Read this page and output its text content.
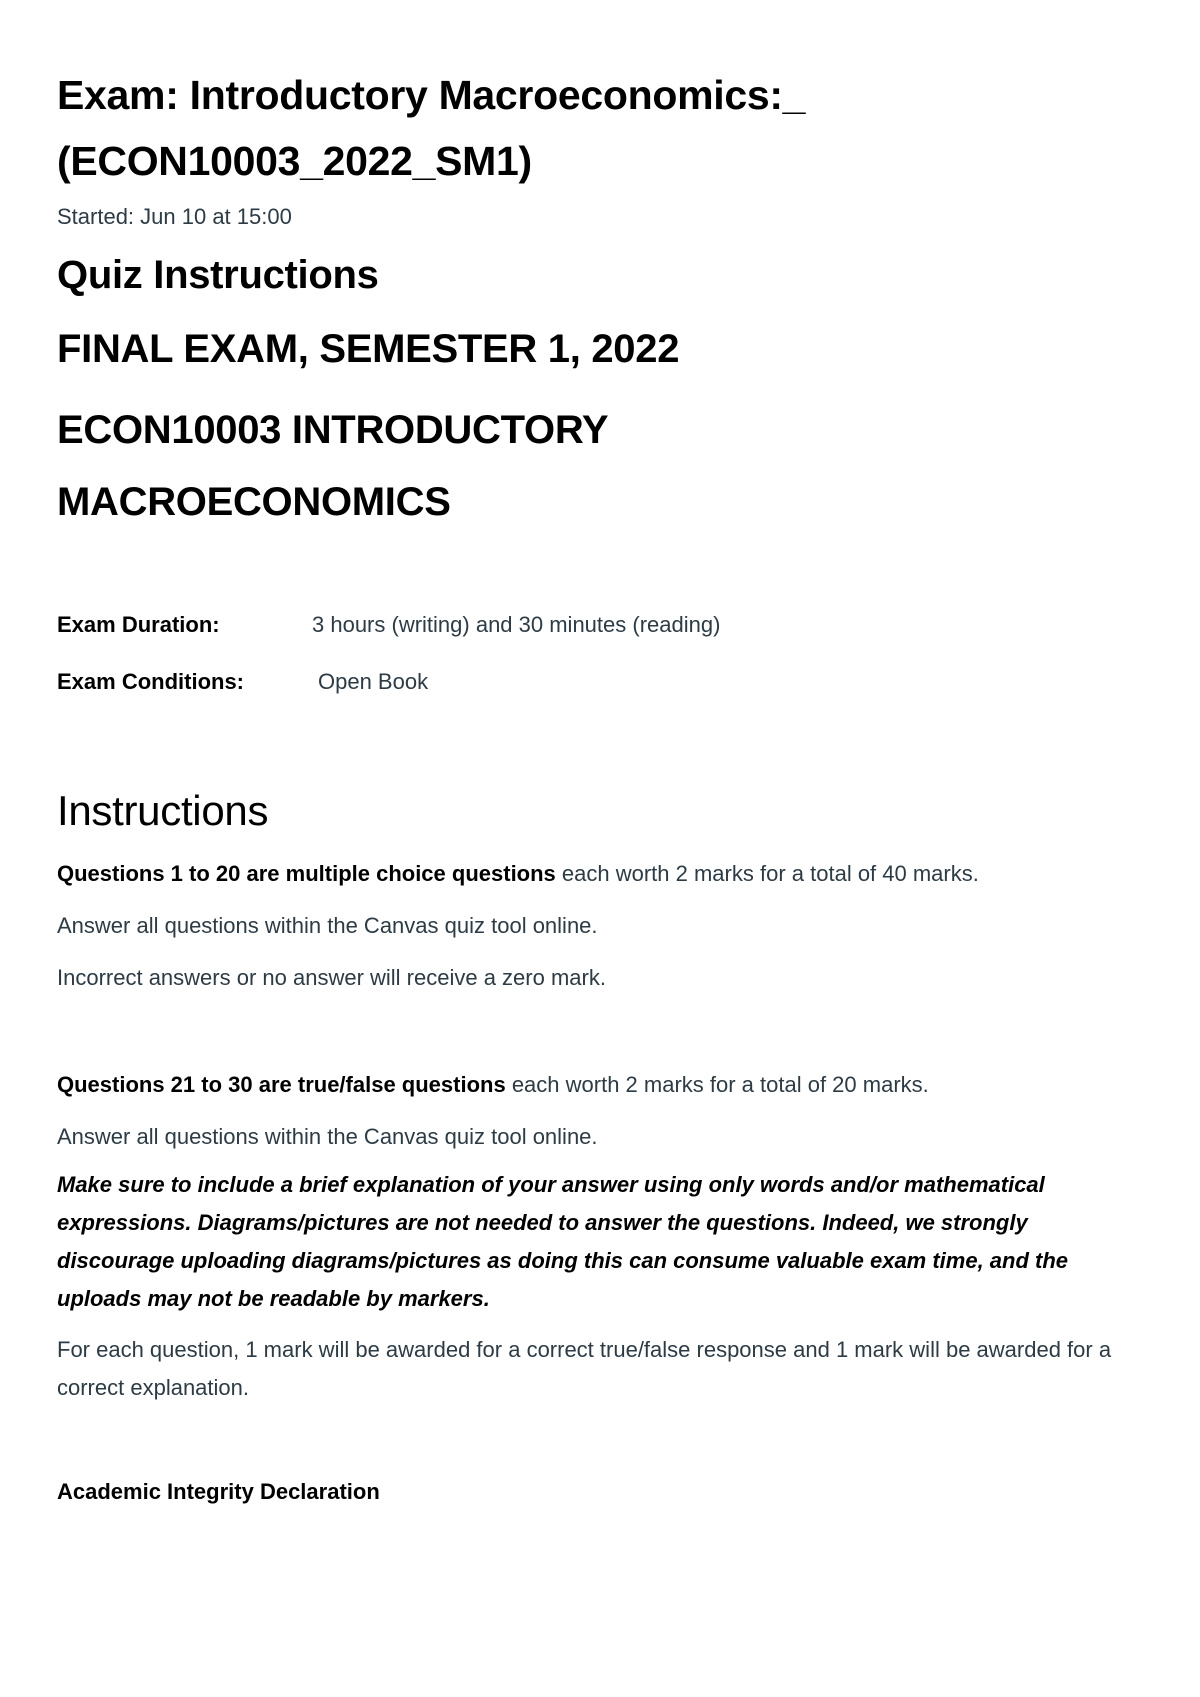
Exam: Introductory Macroeconomics:_ (ECON10003_2022_SM1)

Started: Jun 10 at 15:00

Quiz Instructions
FINAL EXAM, SEMESTER 1, 2022
ECON10003 INTRODUCTORY MACROECONOMICS
Exam Duration:	3 hours (writing) and 30 minutes (reading)
Exam Conditions:	Open Book
Instructions

Questions 1 to 20 are multiple choice questions each worth 2 marks for a total of 40 marks.

Answer all questions within the Canvas quiz tool online.

Incorrect answers or no answer will receive a zero mark.

Questions 21 to 30 are true/false questions each worth 2 marks for a total of 20 marks.

Answer all questions within the Canvas quiz tool online.

Make sure to include a brief explanation of your answer using only words and/or mathematical expressions. Diagrams/pictures are not needed to answer the questions. Indeed, we strongly discourage uploading diagrams/pictures as doing this can consume valuable exam time, and the uploads may not be readable by markers.

For each question, 1 mark will be awarded for a correct true/false response and 1 mark will be awarded for a correct explanation.

Academic Integrity Declaration
